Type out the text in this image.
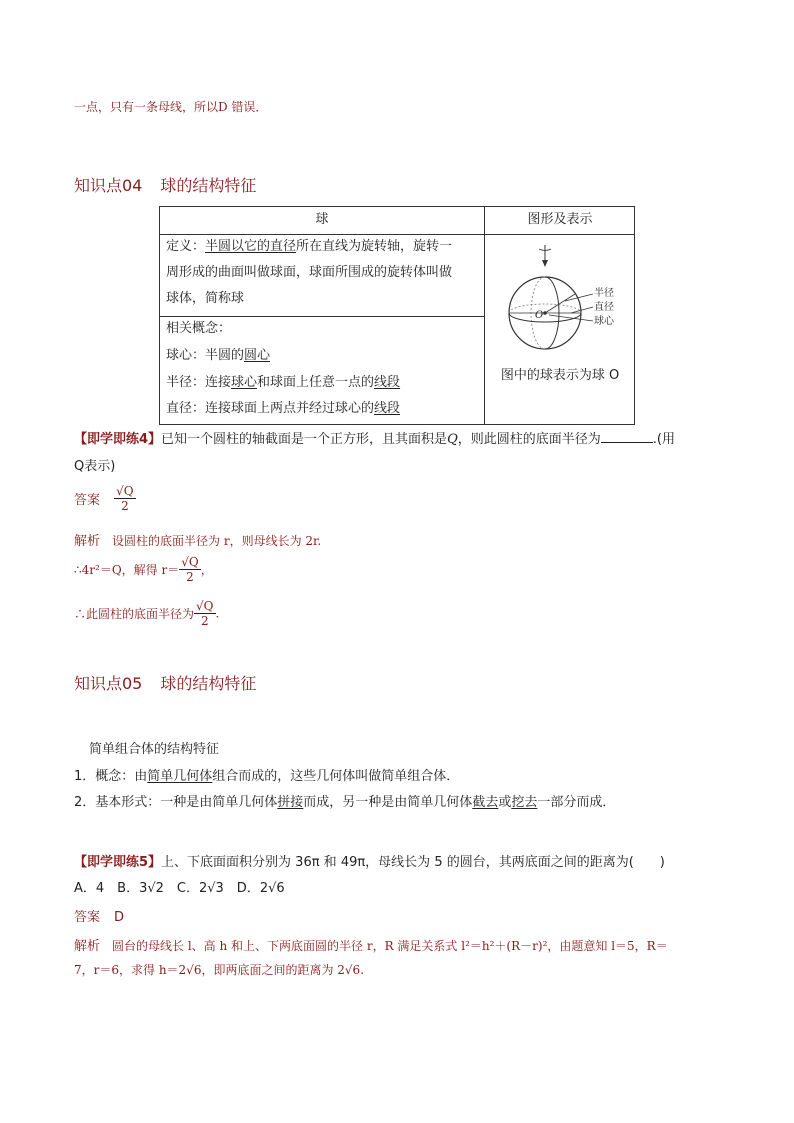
一点，只有一条母线，所以D 错误．
知识点04 球的结构特征
球	图形及表示
定义：半圆以它的直径所在直线为旋转轴，旋转一
周形成的曲面叫做球面，球面所围成的旋转体叫做
球体，简称球
相关概念：
球心：半圆的圆心
半径：连接球心和球面上任意一点的线段
直径：连接球面上两点并经过球心的线段
O
半径
直径
球心
图中的球表示为球 O
【即学即练4】已知一个圆柱的轴截面是一个正方形，且其面积是Q，则此圆柱的底面半径为	.(用
Q表示)
答案 $\frac{√Q}{2}$
解析 设圆柱的底面半径为 r，则母线长为 2r.
∴4r²＝Q，解得 $r= \frac{√Q}{2}$ ，
∴此圆柱的底面半径为 $\frac{√Q}{2}$ .
知识点05 球的结构特征
简单组合体的结构特征
1．概念：由简单几何体组合而成的，这些几何体叫做简单组合体．
2．基本形式：一种是由简单几何体拼接而成，另一种是由简单几何体截去或挖去一部分而成．
【即学即练5】上、下底面面积分别为 36π 和 49π，母线长为 5 的圆台，其两底面之间的距离为(　　)
A．4　B．3√2　C．2√3　D．2√6
答案 D
解析 圆台的母线长 l、高 h 和上、下两底面圆的半径 r，R 满足关系式 l²＝h²＋(R－r)²，由题意知 l＝5，R＝
7，r＝6，求得 h＝2√6，即两底面之间的距离为 2√6.
